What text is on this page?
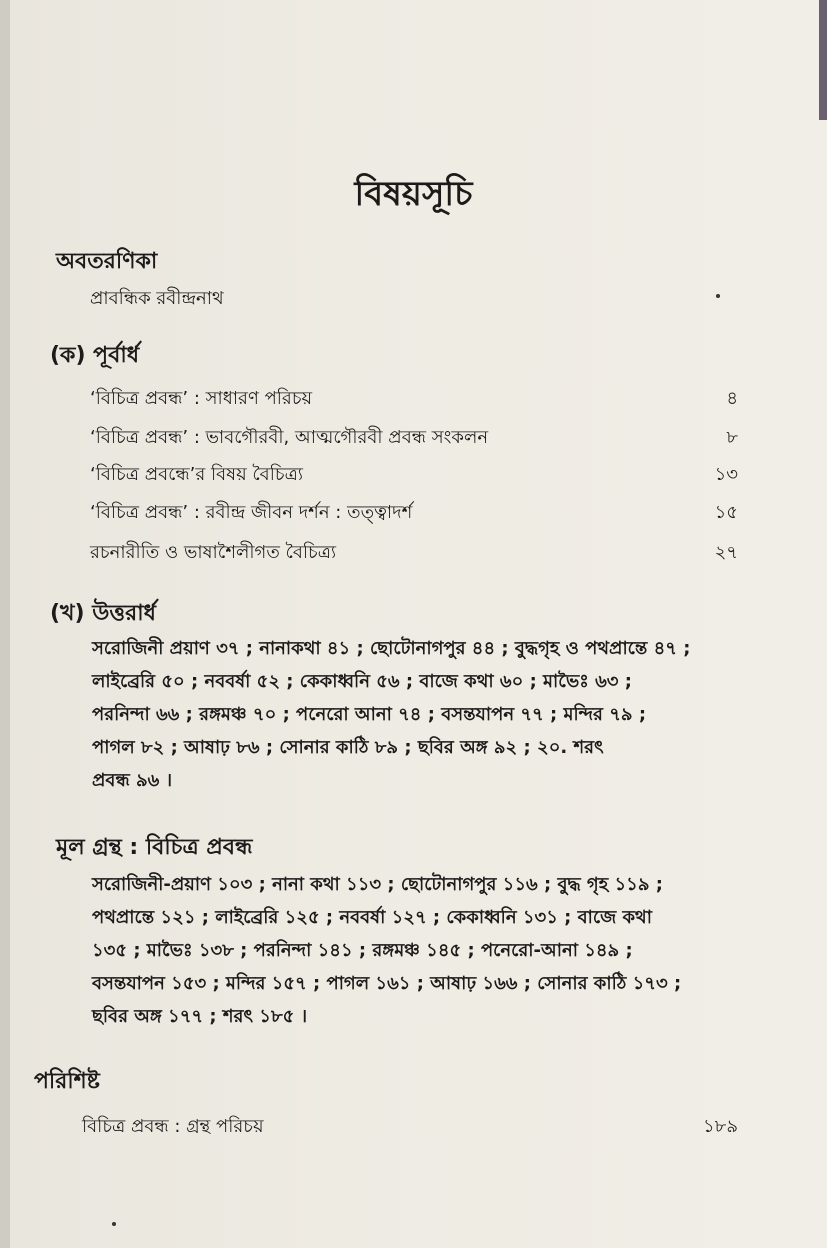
বিষয়সূচি
অবতরণিকা
প্রাবন্ধিক রবীন্দ্রনাথ
(ক) পূর্বার্ধ
‘বিচিত্র প্রবন্ধ’ : সাধারণ পরিচয়	৪
‘বিচিত্র প্রবন্ধ’ : ভাবগৌরবী, আত্মগৌরবী প্রবন্ধ সংকলন	৮
‘বিচিত্র প্রবন্ধে’র বিষয় বৈচিত্র্য	১৩
‘বিচিত্র প্রবন্ধ’ : রবীন্দ্র জীবন দর্শন : তত্ত্বাদর্শ	১৫
রচনারীতি ও ভাষাশৈলীগত বৈচিত্র্য	২৭
(খ) উত্তরার্ধ
সরোজিনী প্রয়াণ ৩৭ ; নানাকথা ৪১ ; ছোটোনাগপুর ৪৪ ; বুদ্ধগৃহ ও পথপ্রান্তে ৪৭ ;
লাইব্রেরি ৫০ ; নববর্ষা ৫২ ; কেকাধ্বনি ৫৬ ; বাজে কথা ৬০ ; মাভৈঃ ৬৩ ;
পরনিন্দা ৬৬ ; রঙ্গমঞ্চ ৭০ ; পনেরো আনা ৭৪ ; বসন্তযাপন ৭৭ ; মন্দির ৭৯ ;
পাগল ৮২ ; আষাঢ় ৮৬ ; সোনার কাঠি ৮৯ ; ছবির অঙ্গ ৯২ ; ২০. শরৎ
প্রবন্ধ ৯৬ ।
মূল গ্রন্থ : বিচিত্র প্রবন্ধ
সরোজিনী-প্রয়াণ ১০৩ ; নানা কথা ১১৩ ; ছোটোনাগপুর ১১৬ ; বুদ্ধ গৃহ ১১৯ ;
পথপ্রান্তে ১২১ ; লাইব্রেরি ১২৫ ; নববর্ষা ১২৭ ; কেকাধ্বনি ১৩১ ; বাজে কথা
১৩৫ ; মাভৈঃ ১৩৮ ; পরনিন্দা ১৪১ ; রঙ্গমঞ্চ ১৪৫ ; পনেরো-আনা ১৪৯ ;
বসন্তযাপন ১৫৩ ; মন্দির ১৫৭ ; পাগল ১৬১ ; আষাঢ় ১৬৬ ; সোনার কাঠি ১৭৩ ;
ছবির অঙ্গ ১৭৭ ; শরৎ ১৮৫ ।
পরিশিষ্ট
বিচিত্র প্রবন্ধ : গ্রন্থ পরিচয়	১৮৯
